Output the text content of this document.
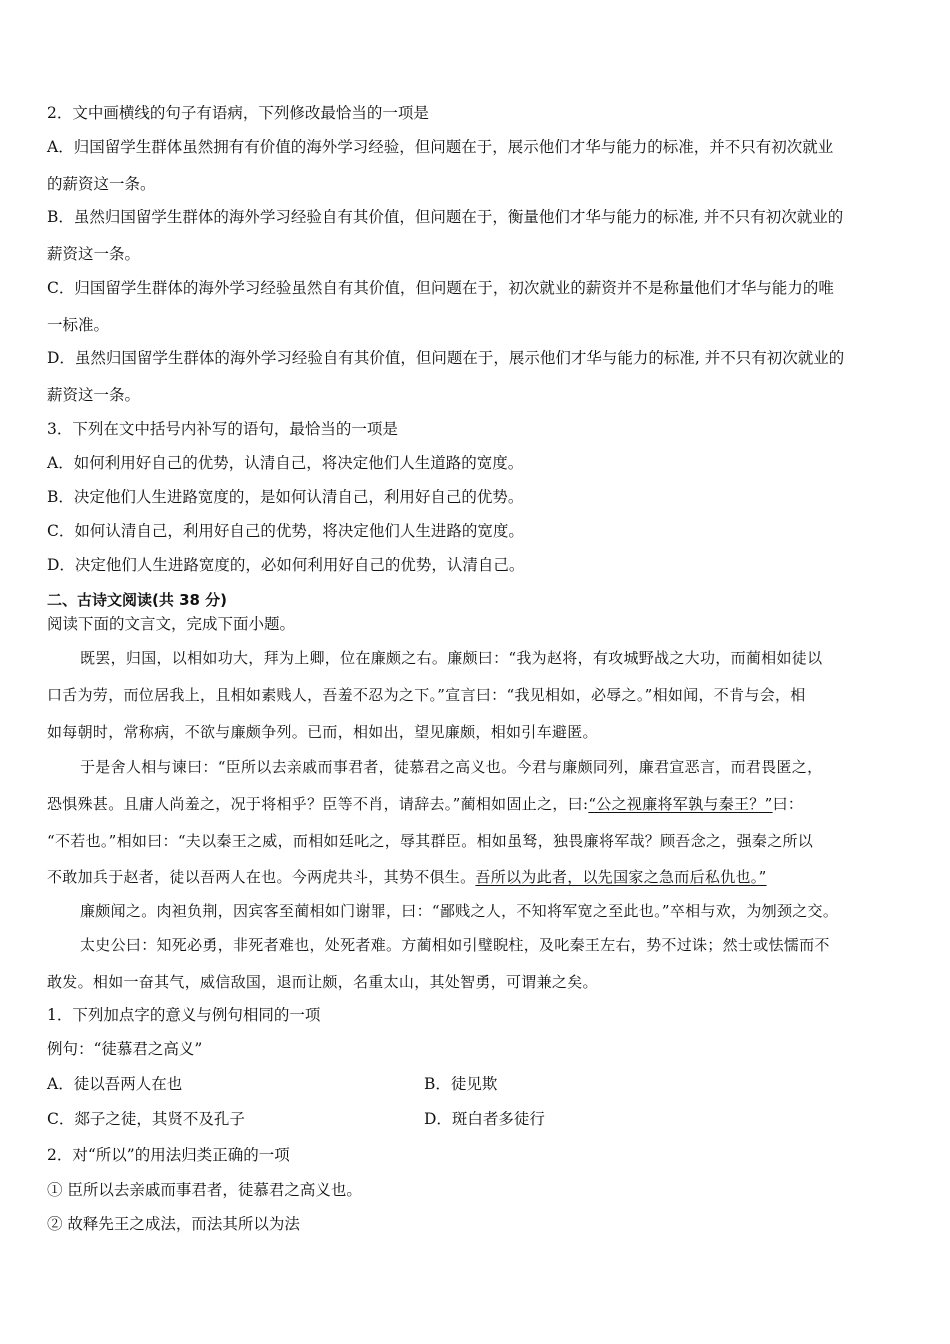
2．文中画横线的句子有语病，下列修改最恰当的一项是
A．归国留学生群体虽然拥有有价值的海外学习经验，但问题在于，展示他们才华与能力的标准，并不只有初次就业
的薪资这一条。
B．虽然归国留学生群体的海外学习经验自有其价值，但问题在于，衡量他们才华与能力的标准, 并不只有初次就业的
薪资这一条。
C．归国留学生群体的海外学习经验虽然自有其价值，但问题在于，初次就业的薪资并不是称量他们才华与能力的唯
一标准。
D．虽然归国留学生群体的海外学习经验自有其价值，但问题在于，展示他们才华与能力的标准, 并不只有初次就业的
薪资这一条。
3．下列在文中括号内补写的语句，最恰当的一项是
A．如何利用好自己的优势，认清自己，将决定他们人生道路的宽度。
B．决定他们人生进路宽度的，是如何认清自己，利用好自己的优势。
C．如何认清自己，利用好自己的优势，将决定他们人生进路的宽度。
D．决定他们人生进路宽度的，必如何利用好自己的优势，认清自己。
二、古诗文阅读(共 38 分)
阅读下面的文言文，完成下面小题。
既罢，归国，以相如功大，拜为上卿，位在廉颇之右。廉颇曰：“我为赵将，有攻城野战之大功，而蔺相如徒以
口舌为劳，而位居我上，且相如素贱人，吾羞不忍为之下。”宣言曰：“我见相如，必辱之。”相如闻，不肯与会，相
如每朝时，常称病，不欲与廉颇争列。已而，相如出，望见廉颇，相如引车避匿。
于是舍人相与谏曰：“臣所以去亲戚而事君者，徒慕君之高义也。今君与廉颇同列，廉君宣恶言，而君畏匿之，
恐惧殊甚。且庸人尚羞之，况于将相乎？臣等不肖，请辞去。”蔺相如固止之，曰:“公之视廉将军孰与秦王？”曰：
“不若也。”相如曰：“夫以秦王之威，而相如廷叱之，辱其群臣。相如虽驽，独畏廉将军哉？顾吾念之，强秦之所以
不敢加兵于赵者，徒以吾两人在也。今两虎共斗，其势不俱生。吾所以为此者，以先国家之急而后私仇也。”
廉颇闻之。肉袒负荆，因宾客至蔺相如门谢罪，曰：“鄙贱之人，不知将军宽之至此也。”卒相与欢，为刎颈之交。
太史公曰：知死必勇，非死者难也，处死者难。方蔺相如引璧睨柱，及叱秦王左右，势不过诛；然士或怯懦而不
敢发。相如一奋其气，威信敌国，退而让颇，名重太山，其处智勇，可谓兼之矣。
1．下列加点字的意义与例句相同的一项
例句：“徒慕君之高义”
A．徒以吾两人在也	B．徒见欺
C．郯子之徒，其贤不及孔子	D．斑白者多徒行
2．对“所以”的用法归类正确的一项
① 臣所以去亲戚而事君者，徒慕君之高义也。
② 故释先王之成法，而法其所以为法
